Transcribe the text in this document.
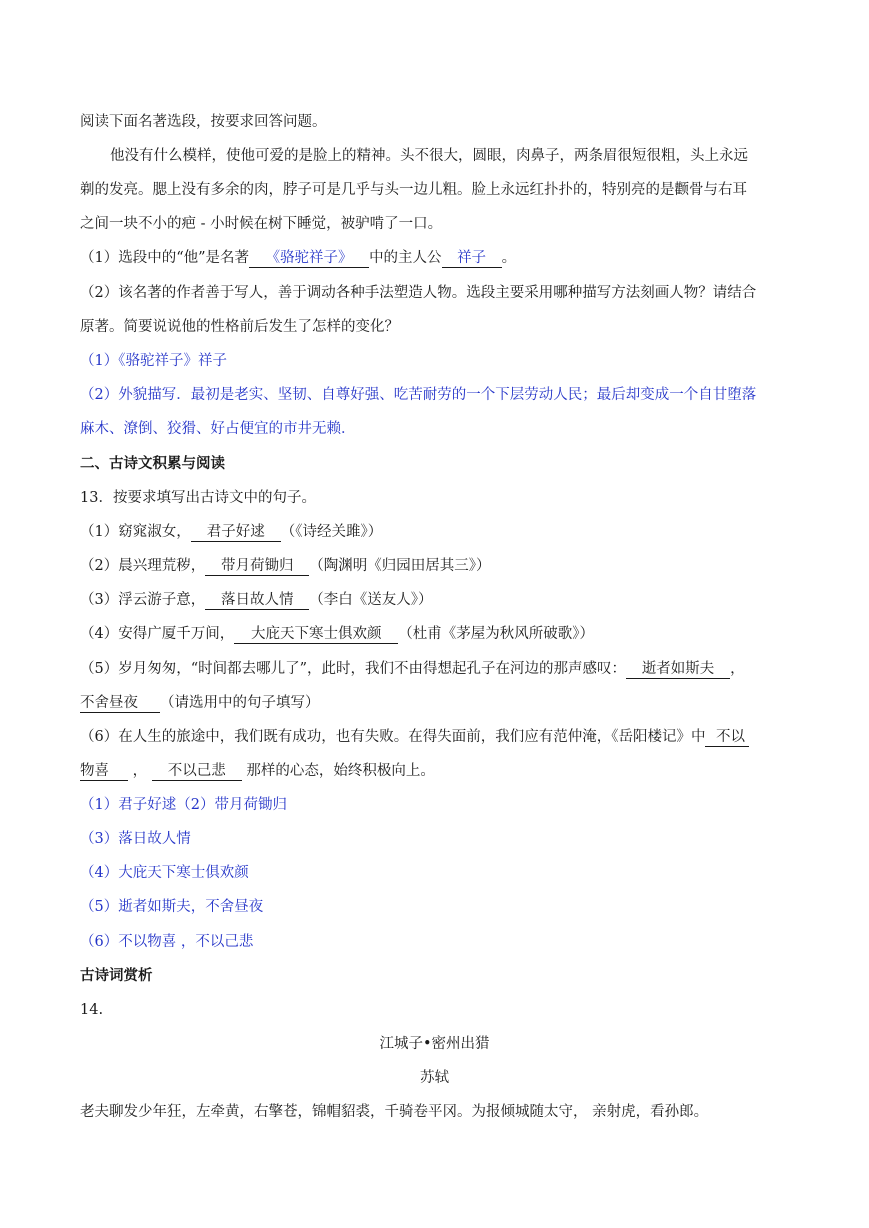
阅读下面名著选段，按要求回答问题。
他没有什么模样，使他可爱的是脸上的精神。头不很大，圆眼，肉鼻子，两条眉很短很粗，头上永远
剃的发亮。腮上没有多余的肉，脖子可是几乎与头一边儿粗。脸上永远红扑扑的，特别亮的是颧骨与右耳
之间一块不小的疤 - 小时候在树下睡觉，被驴啃了一口。
（1）选段中的“他”是名著 《骆驼祥子》 中的主人公 祥子 。
（2）该名著的作者善于写人，善于调动各种手法塑造人物。选段主要采用哪种描写方法刻画人物？请结合
原著。简要说说他的性格前后发生了怎样的变化？
（1）《骆驼祥子》祥子
（2）外貌描写．最初是老实、坚韧、自尊好强、吃苦耐劳的一个下层劳动人民；最后却变成一个自甘堕落
麻木、潦倒、狡猾、好占便宜的市井无赖．
二、古诗文积累与阅读
13．按要求填写出古诗文中的句子。
（1）窈窕淑女， 君子好逑 （《诗经关雎》）
（2）晨兴理荒秽， 带月荷锄归 （陶渊明《归园田居其三》）
（3）浮云游子意， 落日故人情 （李白《送友人》）
（4）安得广厦千万间， 大庇天下寒士俱欢颜 （杜甫《茅屋为秋风所破歌》）
（5）岁月匆匆，“时间都去哪儿了”，此时，我们不由得想起孔子在河边的那声感叹： 逝者如斯夫 ，
不舍昼夜 （请选用中的句子填写）
（6）在人生的旅途中，我们既有成功，也有失败。在得失面前，我们应有范仲淹，《岳阳楼记》中 不以
物喜 ， 不以己悲 那样的心态，始终积极向上。
（1）君子好逑（2）带月荷锄归
（3）落日故人情
（4）大庇天下寒士俱欢颜
（5）逝者如斯夫，不舍昼夜
（6）不以物喜 ，不以己悲
古诗词赏析
14.
江城子•密州出猎
苏轼
老夫聊发少年狂，左牵黄，右擎苍，锦帽貂裘，千骑卷平冈。为报倾城随太守， 亲射虎，看孙郎。
